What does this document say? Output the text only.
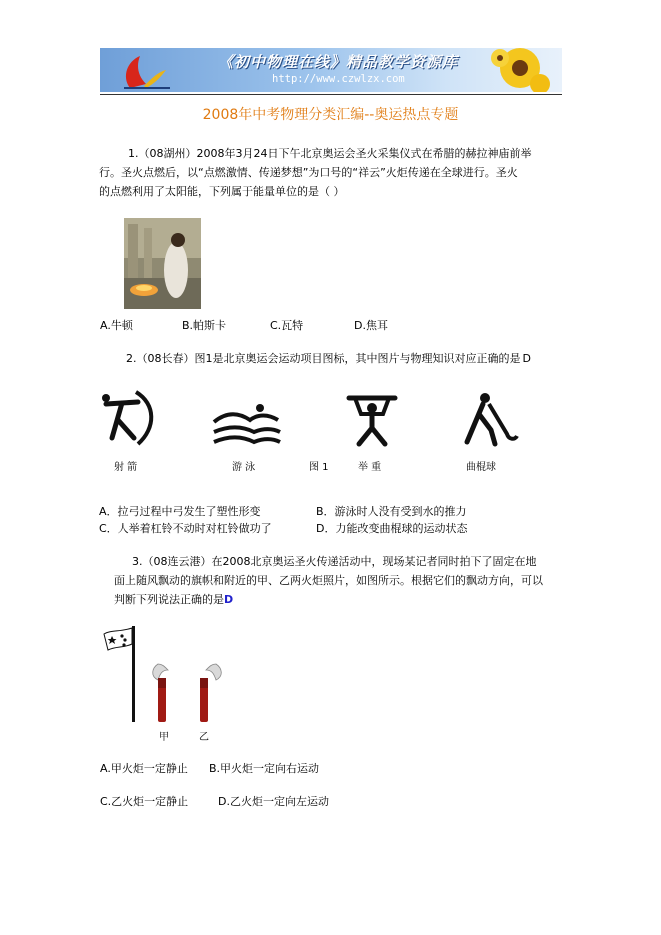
《初中物理在线》精品教学资源库
http://www.czwlzx.com
2008年中考物理分类汇编--奥运热点专题
1.（08湖州）2008年3月24日下午北京奥运会圣火采集仪式在希腊的赫拉神庙前举
行。圣火点燃后，以“点燃激情、传递梦想”为口号的“祥云”火炬传递在全球进行。圣火
的点燃利用了太阳能，下列属于能量单位的是（ ）
A.牛顿	B.帕斯卡	C.瓦特	D.焦耳
2.（08长春）图1是北京奥运会运动项目图标，其中图片与物理知识对应正确的是 D
射 箭	游 泳	图 1	举 重	曲棍球
A．拉弓过程中弓发生了塑性形变	B．游泳时人没有受到水的推力
C．人举着杠铃不动时对杠铃做功了	D．力能改变曲棍球的运动状态
3.（08连云港）在2008北京奥运圣火传递活动中，现场某记者同时拍下了固定在地
面上随风飘动的旗帜和附近的甲、乙两火炬照片，如图所示。根据它们的飘动方向，可以
判断下列说法正确的是D
甲	乙
A.甲火炬一定静止 B.甲火炬一定向右运动
C.乙火炬一定静止	D.乙火炬一定向左运动
